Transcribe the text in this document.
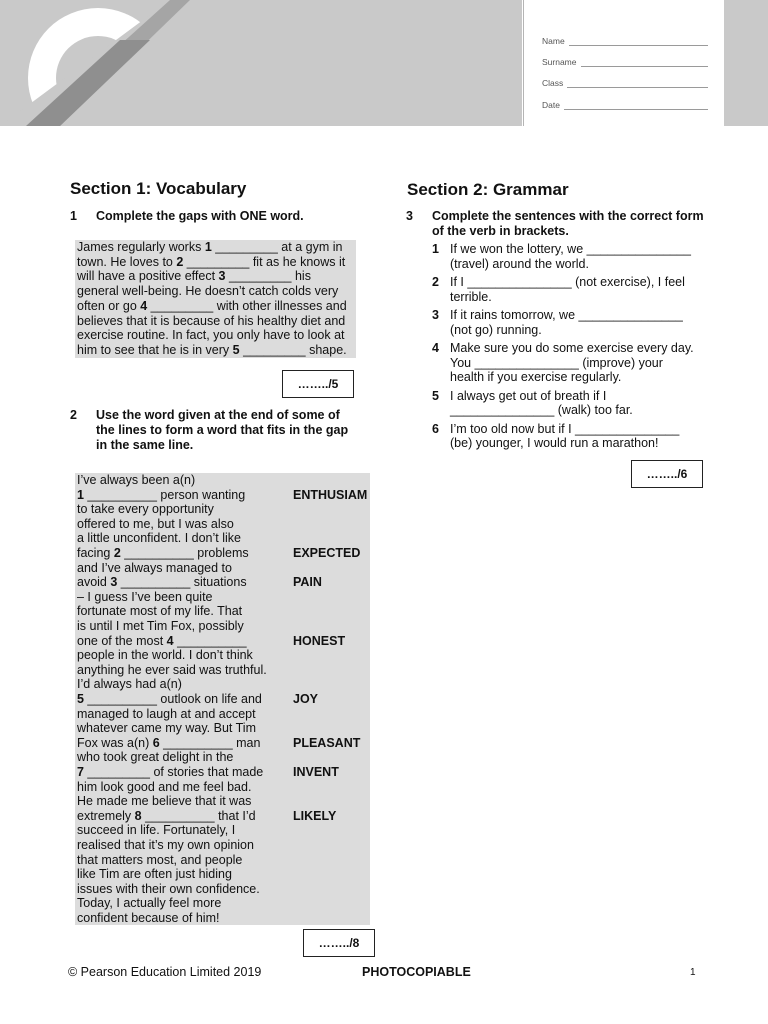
Name
Surname
Class
Date
Section 1: Vocabulary
1	Complete the gaps with ONE word.
James regularly works 1 _________ at a gym in
town. He loves to 2 _________ fit as he knows it
will have a positive effect 3 _________ his
general well-being. He doesn’t catch colds very
often or go 4 _________ with other illnesses and
believes that it is because of his healthy diet and
exercise routine. In fact, you only have to look at
him to see that he is in very 5 _________ shape.
……../5
2	Use the word given at the end of some of the lines to form a word that fits in the gap in the same line.
I’ve always been a(n)
1 __________ person wanting	ENTHUSIAM
to take every opportunity
offered to me, but I was also
a little unconfident. I don’t like
facing 2 __________ problems	EXPECTED
and I’ve always managed to
avoid 3 __________ situations	PAIN
– I guess I’ve been quite
fortunate most of my life. That
is until I met Tim Fox, possibly
one of the most 4 __________	HONEST
people in the world. I don’t think
anything he ever said was truthful.
I’d always had a(n)
5 __________ outlook on life and JOY
managed to laugh at and accept
whatever came my way. But Tim
Fox was a(n) 6 __________ man	PLEASANT
who took great delight in the
7 _________ of stories that made INVENT
him look good and me feel bad.
He made me believe that it was
extremely 8 __________ that I’d	LIKELY
succeed in life. Fortunately, I
realised that it’s my own opinion
that matters most, and people
like Tim are often just hiding
issues with their own confidence.
Today, I actually feel more
confident because of him!
……../8
Section 2: Grammar
3	Complete the sentences with the correct form of the verb in brackets.
1 If we won the lottery, we _______________
(travel) around the world.
2 If I _______________ (not exercise), I feel
terrible.
3 If it rains tomorrow, we _______________
(not go) running.
4 Make sure you do some exercise every day.
You _______________ (improve) your
health if you exercise regularly.
5 I always get out of breath if I
_______________ (walk) too far.
6 I’m too old now but if I _______________
(be) younger, I would run a marathon!
……../6
© Pearson Education Limited 2019	PHOTOCOPIABLE	1
